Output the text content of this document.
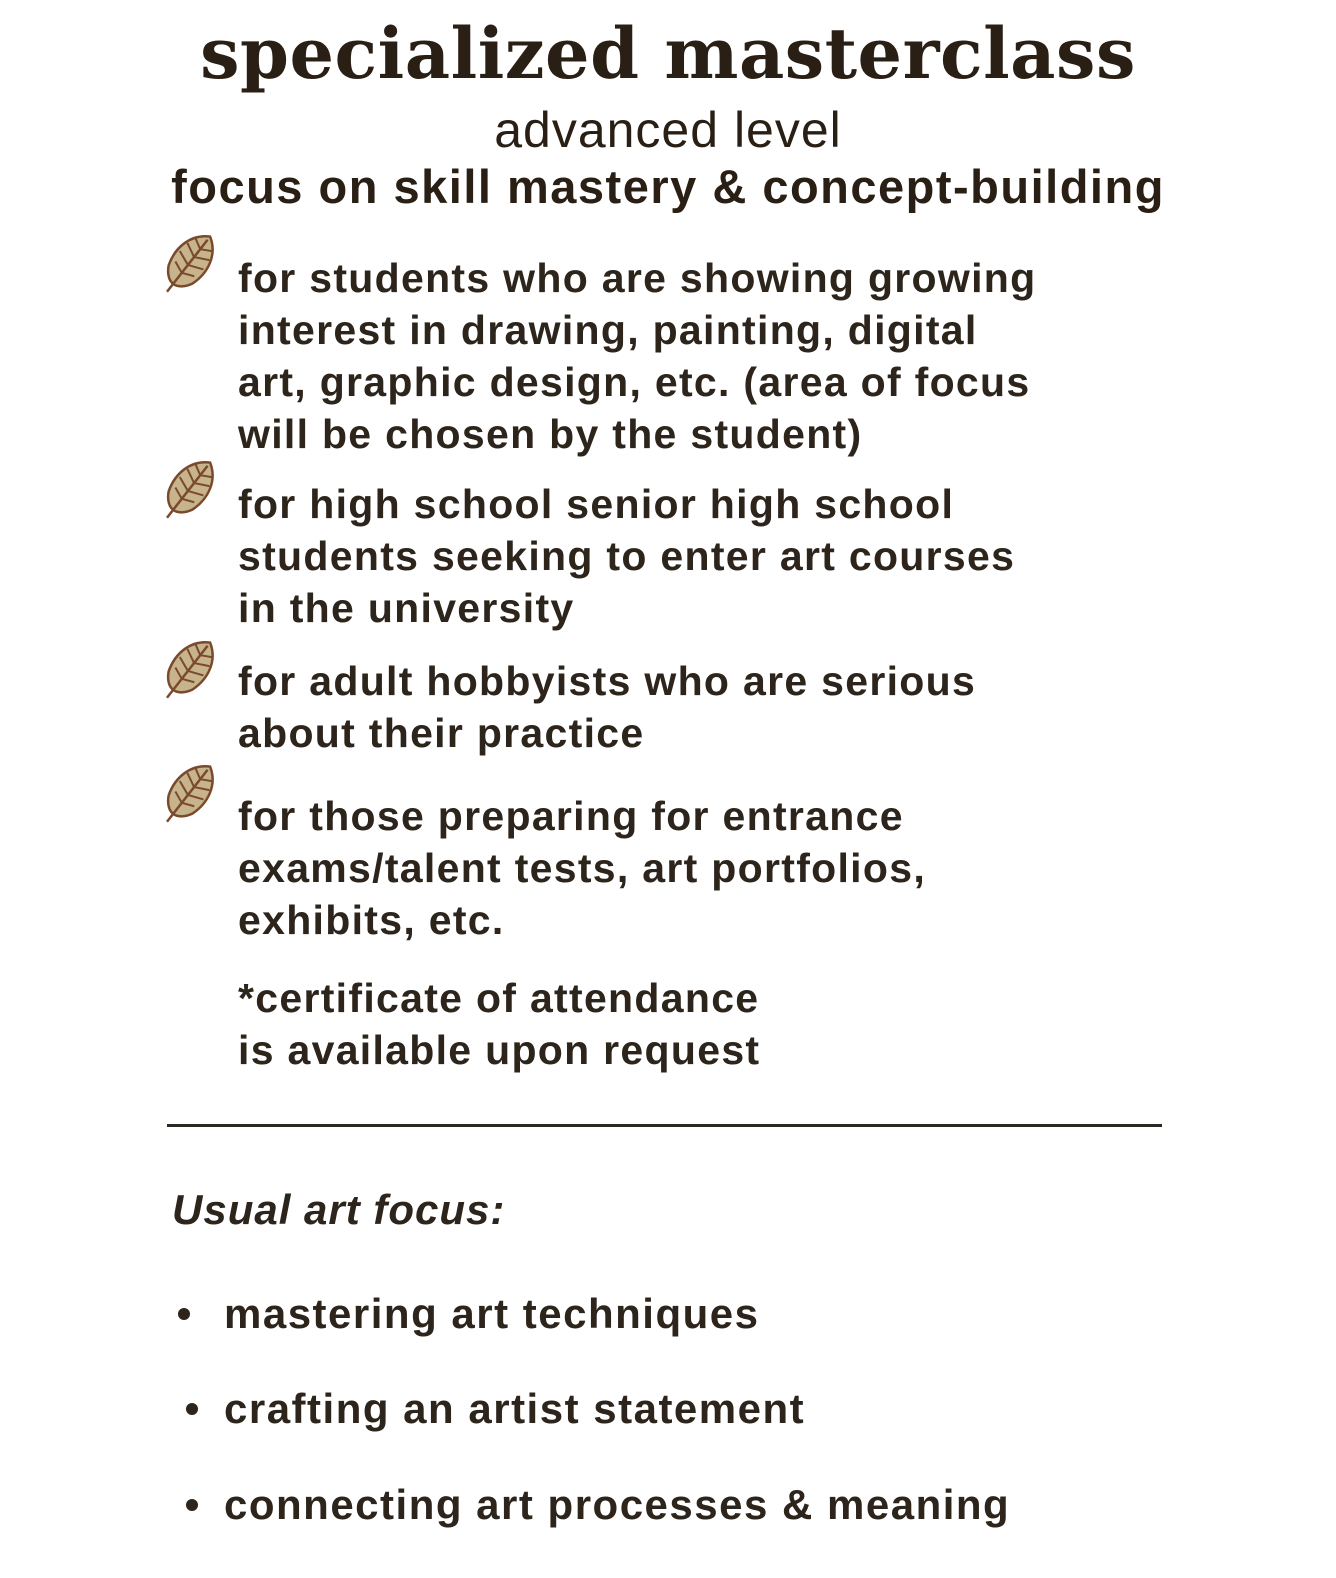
specialized masterclass
advanced level
focus on skill mastery & concept-building
for students who are showing growing
interest in drawing, painting, digital
art, graphic design, etc. (area of focus
will be chosen by the student)
for high school senior high school
students seeking to enter art courses
in the university
for adult hobbyists who are serious
about their practice
for those preparing for entrance
exams/talent tests, art portfolios,
exhibits, etc.
*certificate of attendance
is available upon request
Usual art focus:
mastering art techniques
crafting an artist statement
connecting art processes & meaning
